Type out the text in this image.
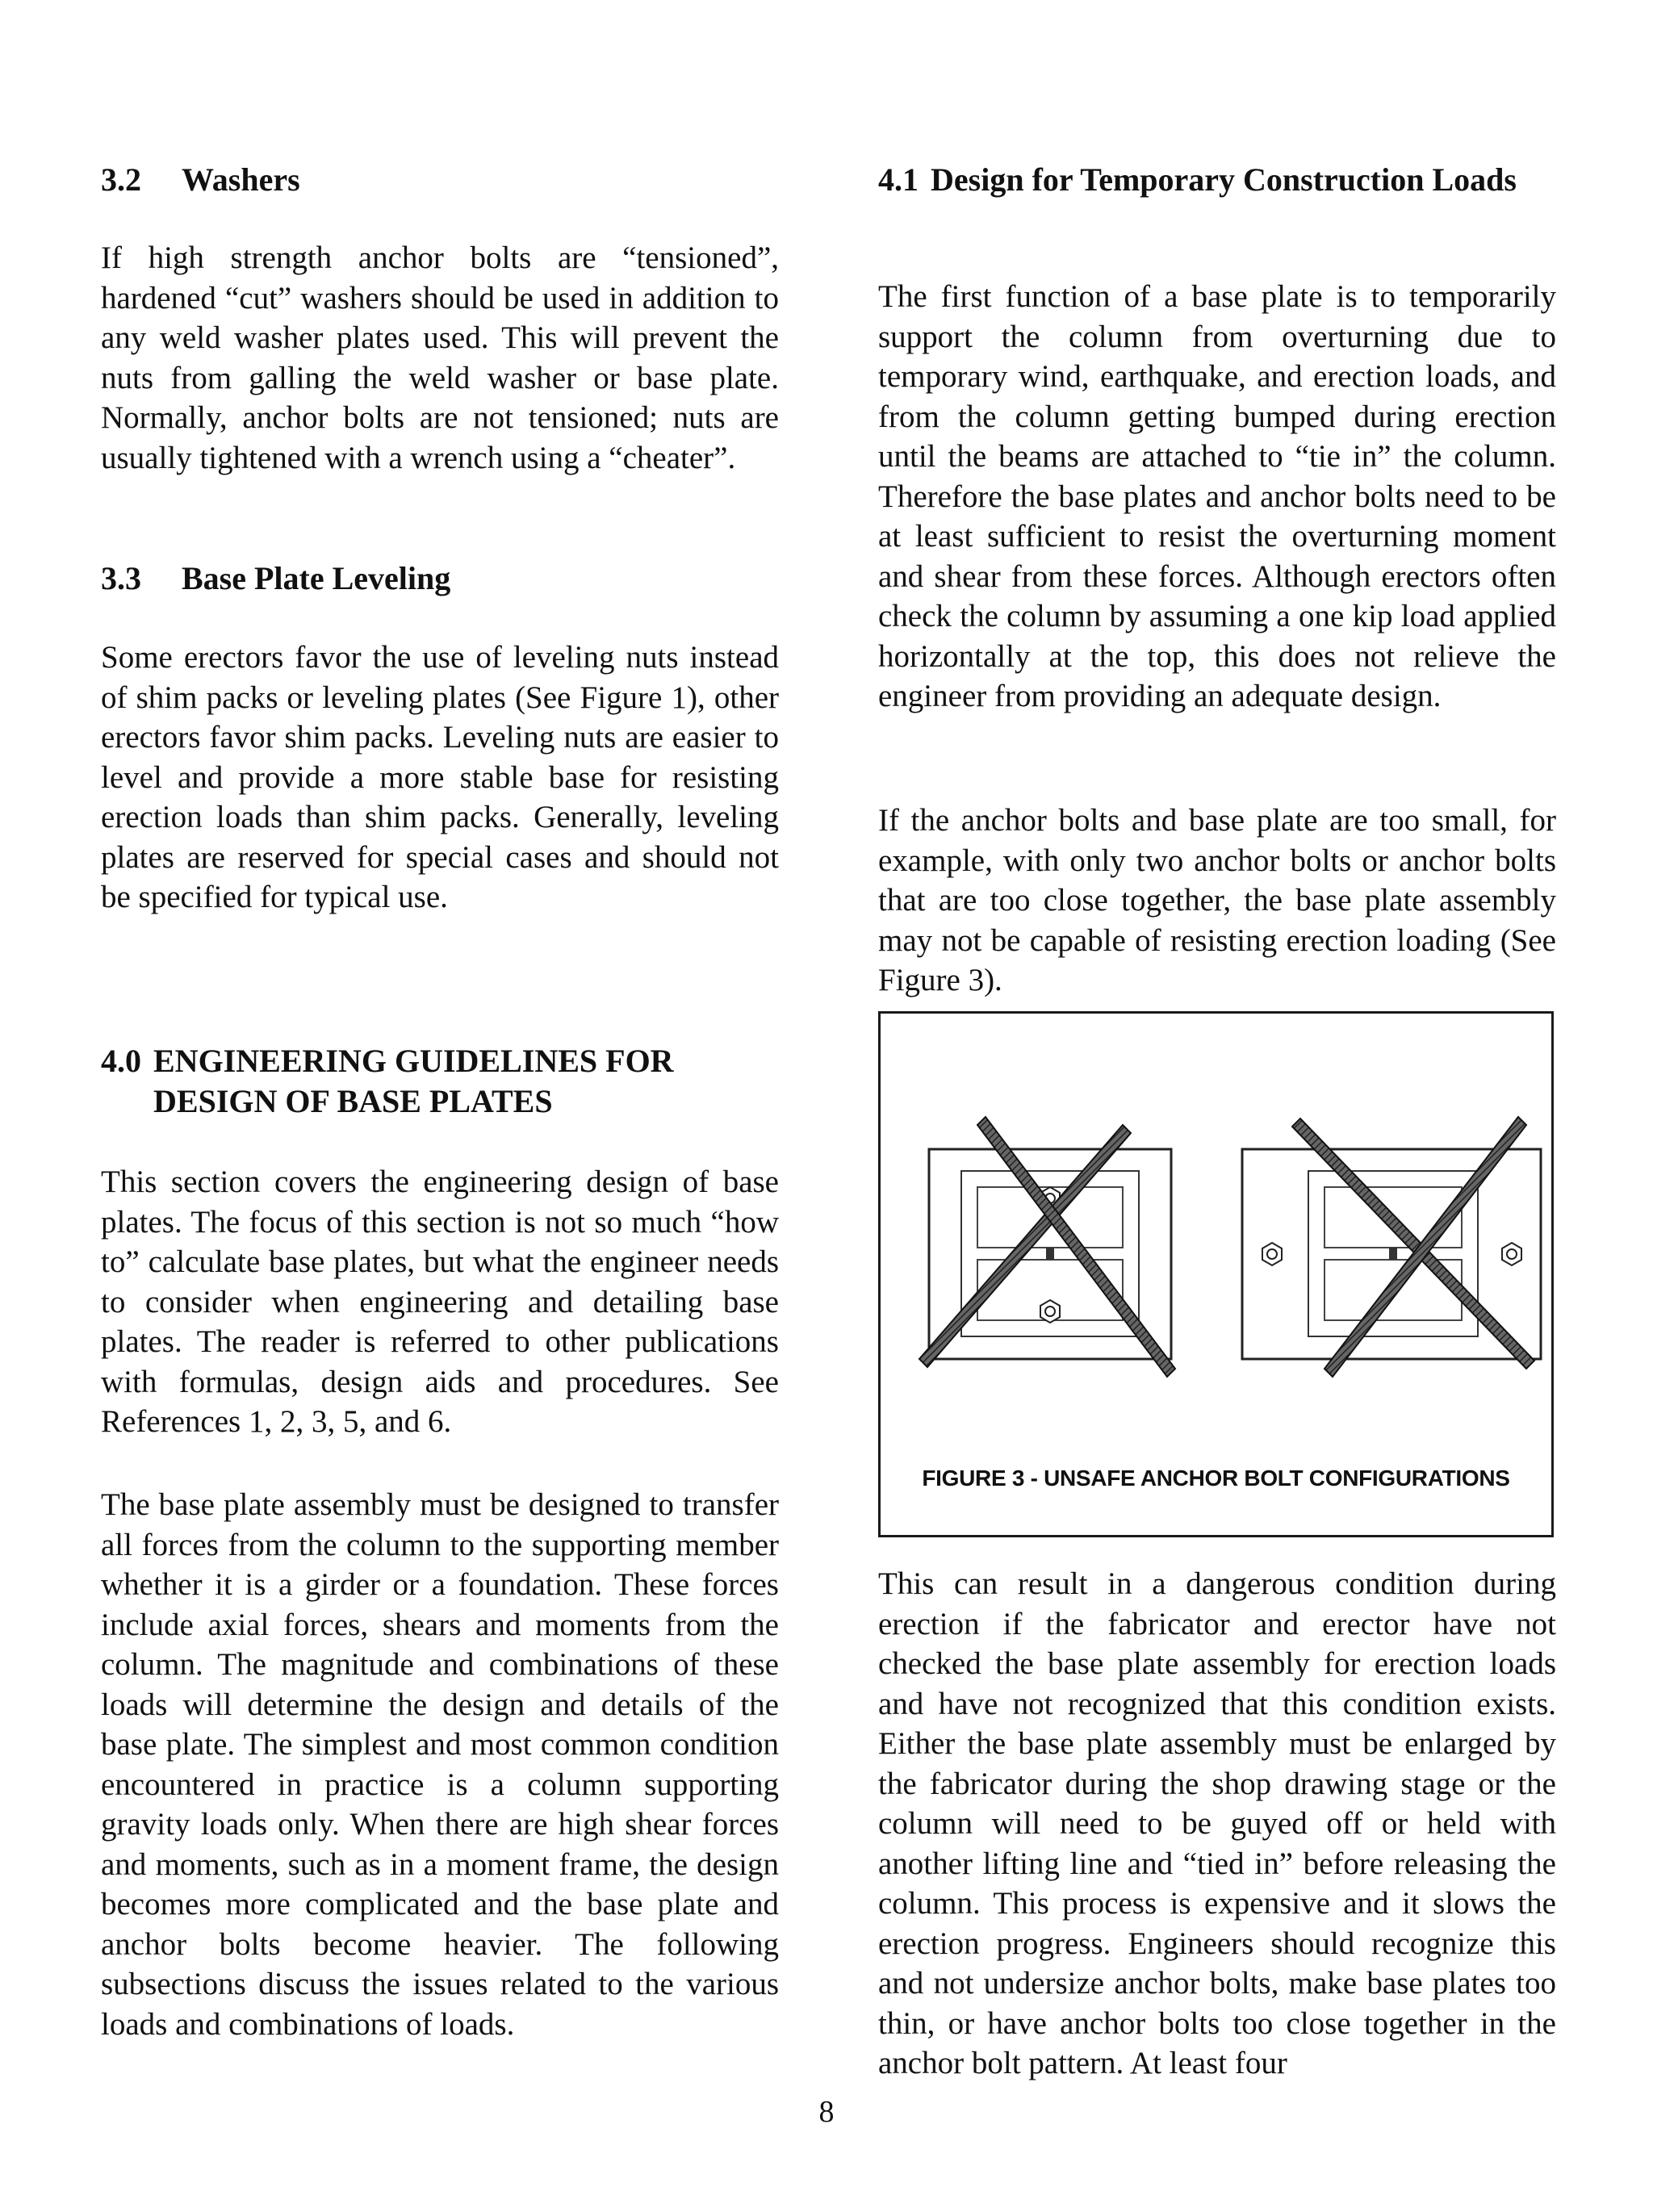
3.2	Washers

If high strength anchor bolts are “tensioned”, hardened “cut” washers should be used in addition to any weld washer plates used. This will prevent the nuts from galling the weld washer or base plate. Normally, anchor bolts are not tensioned; nuts are usually tightened with a wrench using a “cheater”.

3.3	Base Plate Leveling

Some erectors favor the use of leveling nuts instead of shim packs or leveling plates (See Figure 1), other erectors favor shim packs. Leveling nuts are easier to level and provide a more stable base for resisting erection loads than shim packs. Generally, leveling plates are reserved for special cases and should not be specified for typical use.

4.0 ENGINEERING GUIDELINES FOR DESIGN OF BASE PLATES

This section covers the engineering design of base plates. The focus of this section is not so much “how to” calculate base plates, but what the engineer needs to consider when engineering and detailing base plates. The reader is referred to other publications with formulas, design aids and procedures. See References 1, 2, 3, 5, and 6.

The base plate assembly must be designed to transfer all forces from the column to the supporting member whether it is a girder or a foundation. These forces include axial forces, shears and moments from the column. The magnitude and combinations of these loads will determine the design and details of the base plate. The simplest and most common condition encountered in practice is a column supporting gravity loads only. When there are high shear forces and moments, such as in a moment frame, the design becomes more complicated and the base plate and anchor bolts become heavier. The following subsections discuss the issues related to the various loads and combinations of loads.

4.1 Design for Temporary Construction Loads

The first function of a base plate is to temporarily support the column from overturning due to temporary wind, earthquake, and erection loads, and from the column getting bumped during erection until the beams are attached to “tie in” the column. Therefore the base plates and anchor bolts need to be at least sufficient to resist the overturning moment and shear from these forces. Although erectors often check the column by assuming a one kip load applied horizontally at the top, this does not relieve the engineer from providing an adequate design.

If the anchor bolts and base plate are too small, for example, with only two anchor bolts or anchor bolts that are too close together, the base plate assembly may not be capable of resisting erection loading (See Figure 3).

This can result in a dangerous condition during erection if the fabricator and erector have not checked the base plate assembly for erection loads and have not recognized that this condition exists. Either the base plate assembly must be enlarged by the fabricator during the shop drawing stage or the column will need to be guyed off or held with another lifting line and “tied in” before releasing the column. This process is expensive and it slows the erection progress. Engineers should recognize this and not undersize anchor bolts, make base plates too thin, or have anchor bolts too close together in the anchor bolt pattern. At least four

FIGURE 3 - UNSAFE ANCHOR BOLT CONFIGURATIONS
8
